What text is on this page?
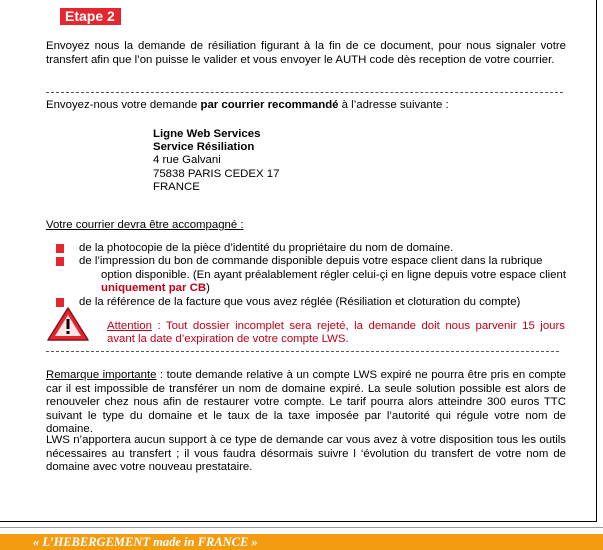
Etape 2

Envoyez nous la demande de résiliation figurant à la fin de ce document, pour nous signaler votre transfert afin que l’on puisse le valider et vous envoyer le AUTH code dès reception de votre courrier.

Envoyez-nous votre demande par courrier recommandé à l’adresse suivante :

Ligne Web Services
Service Résiliation
4 rue Galvani
75838 PARIS CEDEX 17
FRANCE

Votre courrier devra être accompagné :

de la photocopie de la pièce d’identité du propriétaire du nom de domaine.
de l’impression du bon de commande disponible depuis votre espace client dans la rubrique
option disponible. (En ayant préalablement régler celui-çi en ligne depuis votre espace client uniquement par CB)
de la référence de la facture que vous avez réglée (Résiliation et cloturation du compte)

Attention : Tout dossier incomplet sera rejeté, la demande doit nous parvenir 15 jours avant la date d’expiration de votre compte LWS.

Remarque importante : toute demande relative à un compte LWS expiré ne pourra être pris en compte car il est impossible de transférer un nom de domaine expiré. La seule solution possible est alors de renouveler chez nous afin de restaurer votre compte. Le tarif pourra alors atteindre 300 euros TTC suivant le type du domaine et le taux de la taxe imposée par l’autorité qui régule votre nom de domaine.

LWS n’apportera aucun support à ce type de demande car vous avez à votre disposition tous les outils nécessaires au transfert ; il vous faudra désormais suivre l ‘évolution du transfert de votre nom de domaine avec votre nouveau prestataire.

« L’HEBERGEMENT made in FRANCE »
